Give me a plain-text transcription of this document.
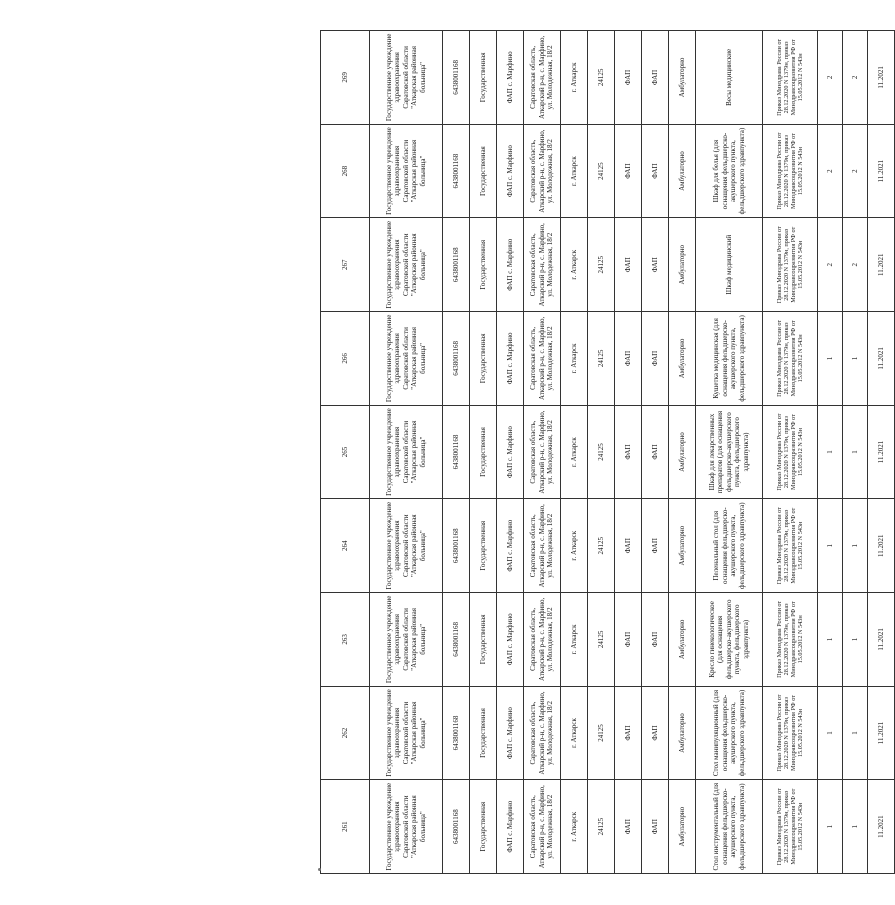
261	262	263	264	265	266	267	268	269
Государственное учреждение здравоохранения Саратовской области "Аткарская районная больница"	Государственное учреждение здравоохранения Саратовской области "Аткарская районная больница"	Государственное учреждение здравоохранения Саратовской области "Аткарская районная больница"	Государственное учреждение здравоохранения Саратовской области "Аткарская районная больница"	Государственное учреждение здравоохранения Саратовской области "Аткарская районная больница"	Государственное учреждение здравоохранения Саратовской области "Аткарская районная больница"	Государственное учреждение здравоохранения Саратовской области "Аткарская районная больница"	Государственное учреждение здравоохранения Саратовской области "Аткарская районная больница"	Государственное учреждение здравоохранения Саратовской области "Аткарская районная больница"
6438001168	6438001168	6438001168	6438001168	6438001168	6438001168	6438001168	6438001168	6438001168
Государственная	Государственная	Государственная	Государственная	Государственная	Государственная	Государственная	Государственная	Государственная
ФАП с. Марфино	ФАП с. Марфино	ФАП с. Марфино	ФАП с. Марфино	ФАП с. Марфино	ФАП с. Марфино	ФАП с. Марфино	ФАП с. Марфино	ФАП с. Марфино
Саратовская область, Аткарский р-н, с. Марфино, ул. Молодежная, 18/2	Саратовская область, Аткарский р-н, с. Марфино, ул. Молодежная, 18/2	Саратовская область, Аткарский р-н, с. Марфино, ул. Молодежная, 18/2	Саратовская область, Аткарский р-н, с. Марфино, ул. Молодежная, 18/2	Саратовская область, Аткарский р-н, с. Марфино, ул. Молодежная, 18/2	Саратовская область, Аткарский р-н, с. Марфино, ул. Молодежная, 18/2	Саратовская область, Аткарский р-н, с. Марфино, ул. Молодежная, 18/2	Саратовская область, Аткарский р-н, с. Марфино, ул. Молодежная, 18/2	Саратовская область, Аткарский р-н, с. Марфино, ул. Молодежная, 18/2
г. Аткарск	г. Аткарск	г. Аткарск	г. Аткарск	г. Аткарск	г. Аткарск	г. Аткарск	г. Аткарск	г. Аткарск
24125	24125	24125	24125	24125	24125	24125	24125	24125
ФАП	ФАП	ФАП	ФАП	ФАП	ФАП	ФАП	ФАП	ФАП
ФАП	ФАП	ФАП	ФАП	ФАП	ФАП	ФАП	ФАП	ФАП
Амбулаторно	Амбулаторно	Амбулаторно	Амбулаторно	Амбулаторно	Амбулаторно	Амбулаторно	Амбулаторно	Амбулаторно
Стол инструментальный (для оснащения фельдшерско-акушерского пункта, фельдшерского здравпункта)	Стол манипуляционный (для оснащения фельдшерско-акушерского пункта, фельдшерского здравпункта)	Кресло гинекологическое (для оснащения фельдшерско-акушерского пункта, фельдшерского здравпункта)	Пеленальный стол (для оснащения фельдшерско-акушерского пункта, фельдшерского здравпункта)	Шкаф для лекарственных препаратов (для оснащения фельдшерско-акушерского пункта, фельдшерского здравпункта)	Кушетка медицинская (для оснащения фельдшерско-акушерского пункта, фельдшерского здравпункта)	Шкаф медицинский	Шкаф для белья (для оснащения фельдшерско-акушерского пункта, фельдшерского здравпункта)	Весы медицинские
Приказ Минздрава России от 28.12.2020 N 1379н, приказ Минздравсоцразвития РФ от 15.05.2012 N 543н	Приказ Минздрава России от 28.12.2020 N 1379н, приказ Минздравсоцразвития РФ от 15.05.2012 N 543н	Приказ Минздрава России от 28.12.2020 N 1379н, приказ Минздравсоцразвития РФ от 15.05.2012 N 543н	Приказ Минздрава России от 28.12.2020 N 1379н, приказ Минздравсоцразвития РФ от 15.05.2012 N 543н	Приказ Минздрава России от 28.12.2020 N 1379н, приказ Минздравсоцразвития РФ от 15.05.2012 N 543н	Приказ Минздрава России от 28.12.2020 N 1379н, приказ Минздравсоцразвития РФ от 15.05.2012 N 543н	Приказ Минздрава России от 28.12.2020 N 1379н, приказ Минздравсоцразвития РФ от 15.05.2012 N 543н	Приказ Минздрава России от 28.12.2020 N 1379н, приказ Минздравсоцразвития РФ от 15.05.2012 N 543н	Приказ Минздрава России от 28.12.2020 N 1379н, приказ Минздравсоцразвития РФ от 15.05.2012 N 543н
1	1	1	1	1	1	2	2	2
1	1	1	1	1	1	2	2	2
11.2021	11.2021	11.2021	11.2021	11.2021	11.2021	11.2021	11.2021	11.2021
